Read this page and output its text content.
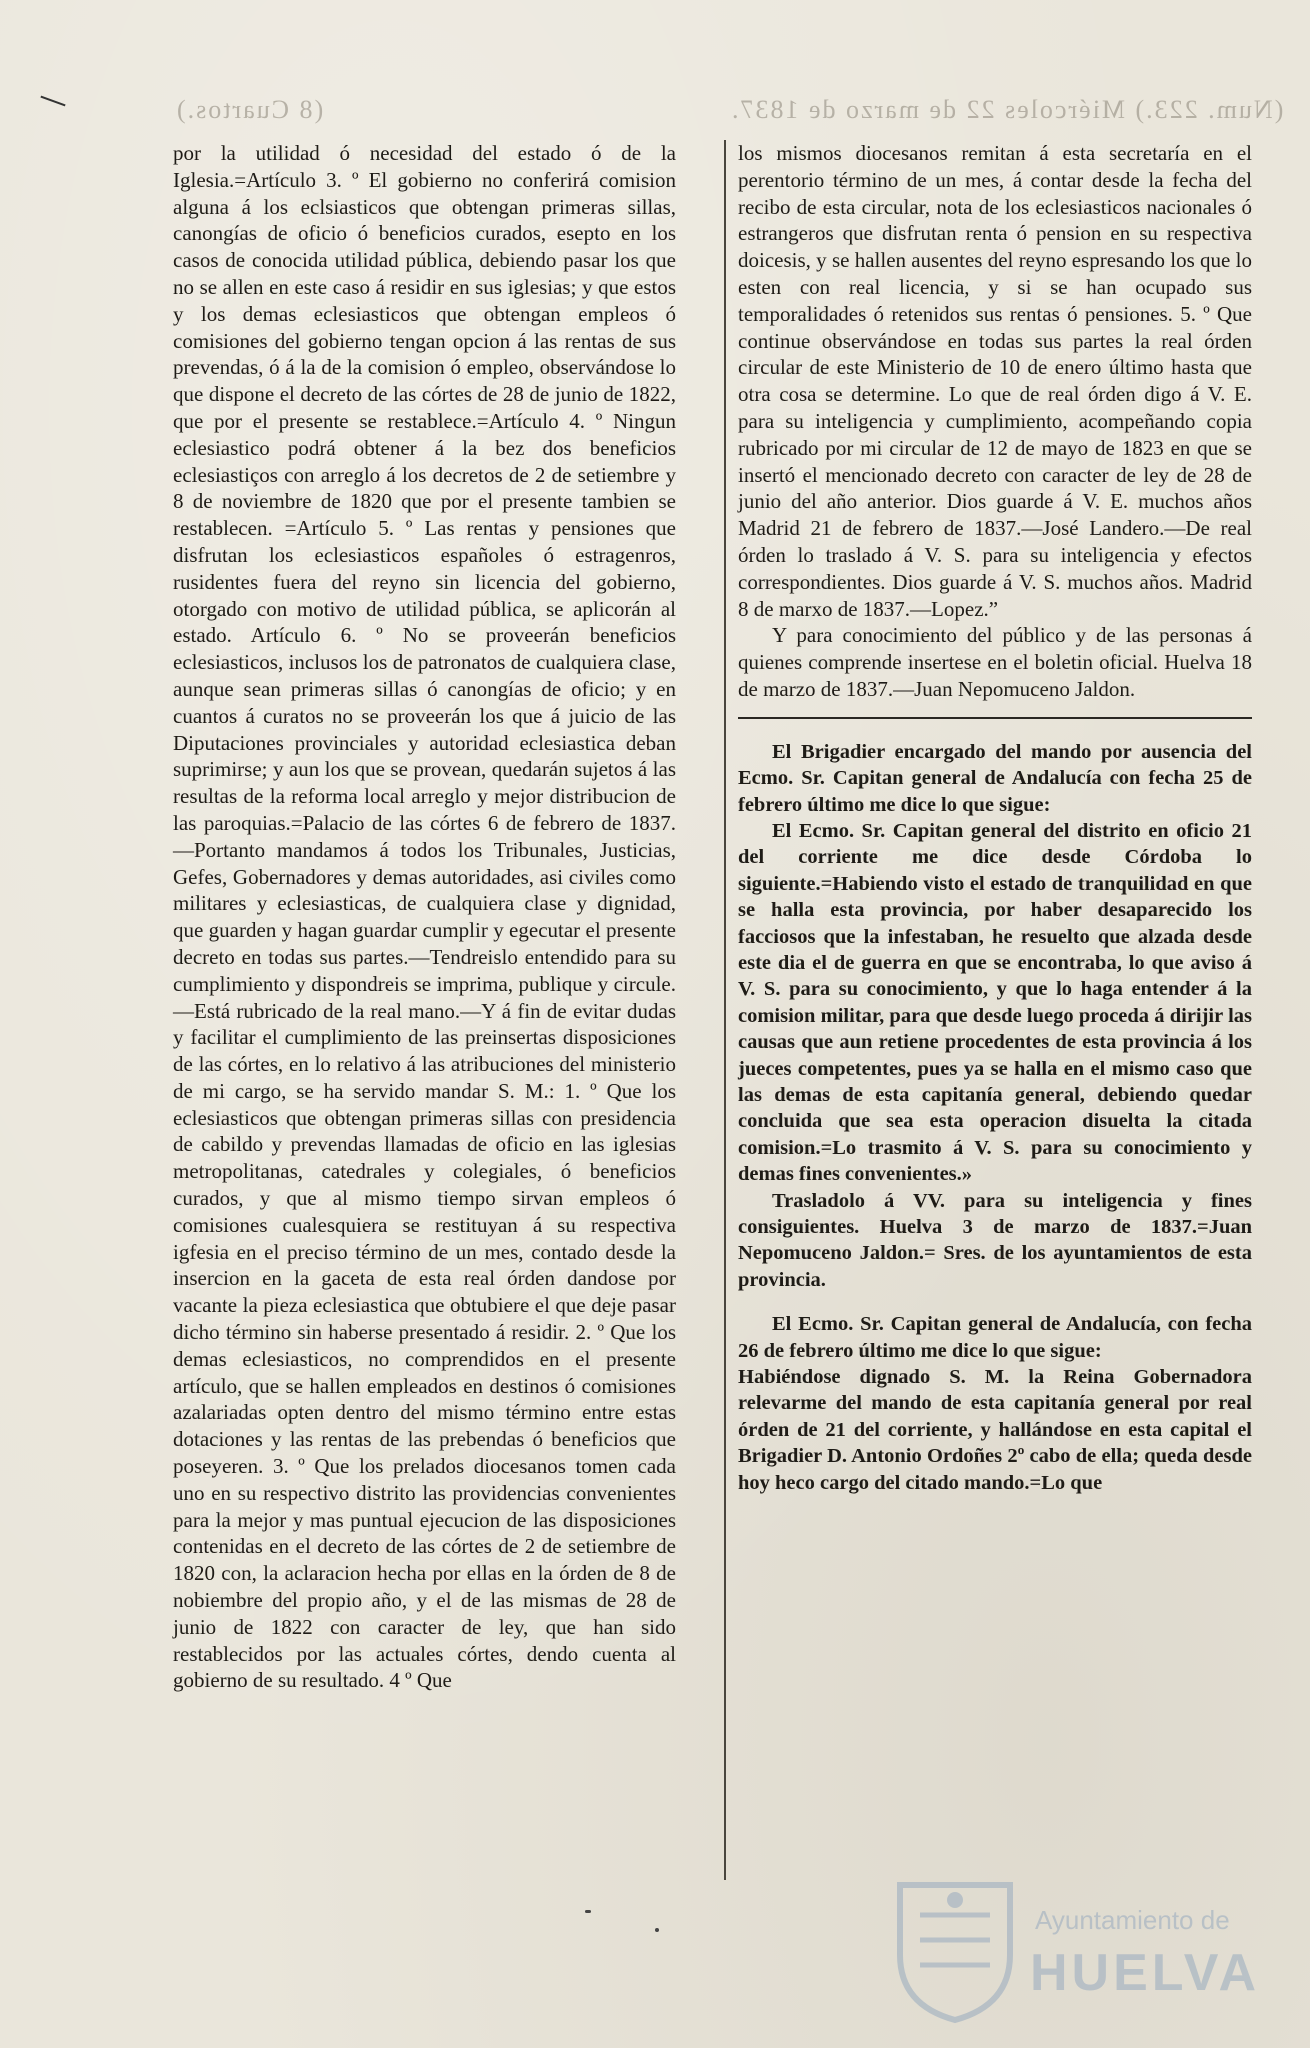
(8 Cuartos.)	(Num. 223.) Miércoles 22 de marzo de 1837.

por la utilidad ó necesidad del estado ó de la Iglesia.=Artículo 3. º El gobierno no conferirá comision alguna á los eclsiasticos que obtengan primeras sillas, canongías de oficio ó beneficios curados, esepto en los casos de conocida utilidad pública, debiendo pasar los que no se allen en este caso á residir en sus iglesias; y que estos y los demas eclesiasticos que obtengan empleos ó comisiones del gobierno tengan opcion á las rentas de sus prevendas, ó á la de la comision ó empleo, observándose lo que dispone el decreto de las córtes de 28 de junio de 1822, que por el presente se restablece.=Artículo 4. º Ningun eclesiastico podrá obtener á la bez dos beneficios eclesiastiços con arreglo á los decretos de 2 de setiembre y 8 de noviembre de 1820 que por el presente tambien se restablecen. =Artículo 5. º Las rentas y pensiones que disfrutan los eclesiasticos españoles ó estragenros, rusidentes fuera del reyno sin licencia del gobierno, otorgado con motivo de utilidad pública, se aplicorán al estado. Artículo 6. º No se proveerán beneficios eclesiasticos, inclusos los de patronatos de cualquiera clase, aunque sean primeras sillas ó canongías de oficio; y en cuantos á curatos no se proveerán los que á juicio de las Diputaciones provinciales y autoridad eclesiastica deban suprimirse; y aun los que se provean, quedarán sujetos á las resultas de la reforma local arreglo y mejor distribucion de las paroquias.=Palacio de las córtes 6 de febrero de 1837.—Portanto mandamos á todos los Tribunales, Justicias, Gefes, Gobernadores y demas autoridades, asi civiles como militares y eclesiasticas, de cualquiera clase y dignidad, que guarden y hagan guardar cumplir y egecutar el presente decreto en todas sus partes.—Tendreislo entendido para su cumplimiento y dispondreis se imprima, publique y circule.—Está rubricado de la real mano.—Y á fin de evitar dudas y facilitar el cumplimiento de las preinsertas disposiciones de las córtes, en lo relativo á las atribuciones del ministerio de mi cargo, se ha servido mandar S. M.: 1. º Que los eclesiasticos que obtengan primeras sillas con presidencia de cabildo y prevendas llamadas de oficio en las iglesias metropolitanas, catedrales y colegiales, ó beneficios curados, y que al mismo tiempo sirvan empleos ó comisiones cualesquiera se restituyan á su respectiva igfesia en el preciso término de un mes, contado desde la insercion en la gaceta de esta real órden dandose por vacante la pieza eclesiastica que obtubiere el que deje pasar dicho término sin haberse presentado á residir. 2. º Que los demas eclesiasticos, no comprendidos en el presente artículo, que se hallen empleados en destinos ó comisiones azalariadas opten dentro del mismo término entre estas dotaciones y las rentas de las prebendas ó beneficios que poseyeren. 3. º Que los prelados diocesanos tomen cada uno en su respectivo distrito las providencias convenientes para la mejor y mas puntual ejecucion de las disposiciones contenidas en el decreto de las córtes de 2 de setiembre de 1820 con, la aclaracion hecha por ellas en la órden de 8 de nobiembre del propio año, y el de las mismas de 28 de junio de 1822 con caracter de ley, que han sido restablecidos por las actuales córtes, dendo cuenta al gobierno de su resultado. 4 º Que

los mismos diocesanos remitan á esta secretaría en el perentorio término de un mes, á contar desde la fecha del recibo de esta circular, nota de los eclesiasticos nacionales ó estrangeros que disfrutan renta ó pension en su respectiva doicesis, y se hallen ausentes del reyno espresando los que lo esten con real licencia, y si se han ocupado sus temporalidades ó retenidos sus rentas ó pensiones. 5. º Que continue observándose en todas sus partes la real órden circular de este Ministerio de 10 de enero último hasta que otra cosa se determine. Lo que de real órden digo á V. E. para su inteligencia y cumplimiento, acompeñando copia rubricado por mi circular de 12 de mayo de 1823 en que se insertó el mencionado decreto con caracter de ley de 28 de junio del año anterior. Dios guarde á V. E. muchos años Madrid 21 de febrero de 1837.—José Landero.—De real órden lo traslado á V. S. para su inteligencia y efectos correspondientes. Dios guarde á V. S. muchos años. Madrid 8 de marxo de 1837.—Lopez.”

Y para conocimiento del público y de las personas á quienes comprende insertese en el boletin oficial. Huelva 18 de marzo de 1837.—Juan Nepomuceno Jaldon.

El Brigadier encargado del mando por ausencia del Ecmo. Sr. Capitan general de Andalucía con fecha 25 de febrero último me dice lo que sigue:

El Ecmo. Sr. Capitan general del distrito en oficio 21 del corriente me dice desde Córdoba lo siguiente.=Habiendo visto el estado de tranquilidad en que se halla esta provincia, por haber desaparecido los facciosos que la infestaban, he resuelto que alzada desde este dia el de guerra en que se encontraba, lo que aviso á V. S. para su conocimiento, y que lo haga entender á la comision militar, para que desde luego proceda á dirijir las causas que aun retiene procedentes de esta provincia á los jueces competentes, pues ya se halla en el mismo caso que las demas de esta capitanía general, debiendo quedar concluida que sea esta operacion disuelta la citada comision.=Lo trasmito á V. S. para su conocimiento y demas fines convenientes.»

Trasladolo á VV. para su inteligencia y fines consiguientes. Huelva 3 de marzo de 1837.=Juan Nepomuceno Jaldon.= Sres. de los ayuntamientos de esta provincia.

El Ecmo. Sr. Capitan general de Andalucía, con fecha 26 de febrero último me dice lo que sigue:

Habiéndose dignado S. M. la Reina Gobernadora relevarme del mando de esta capitanía general por real órden de 21 del corriente, y hallándose en esta capital el Brigadier D. Antonio Ordoñes 2º cabo de ella; queda desde hoy heco cargo del citado mando.=Lo que

Ayuntamiento de
HUELVA
